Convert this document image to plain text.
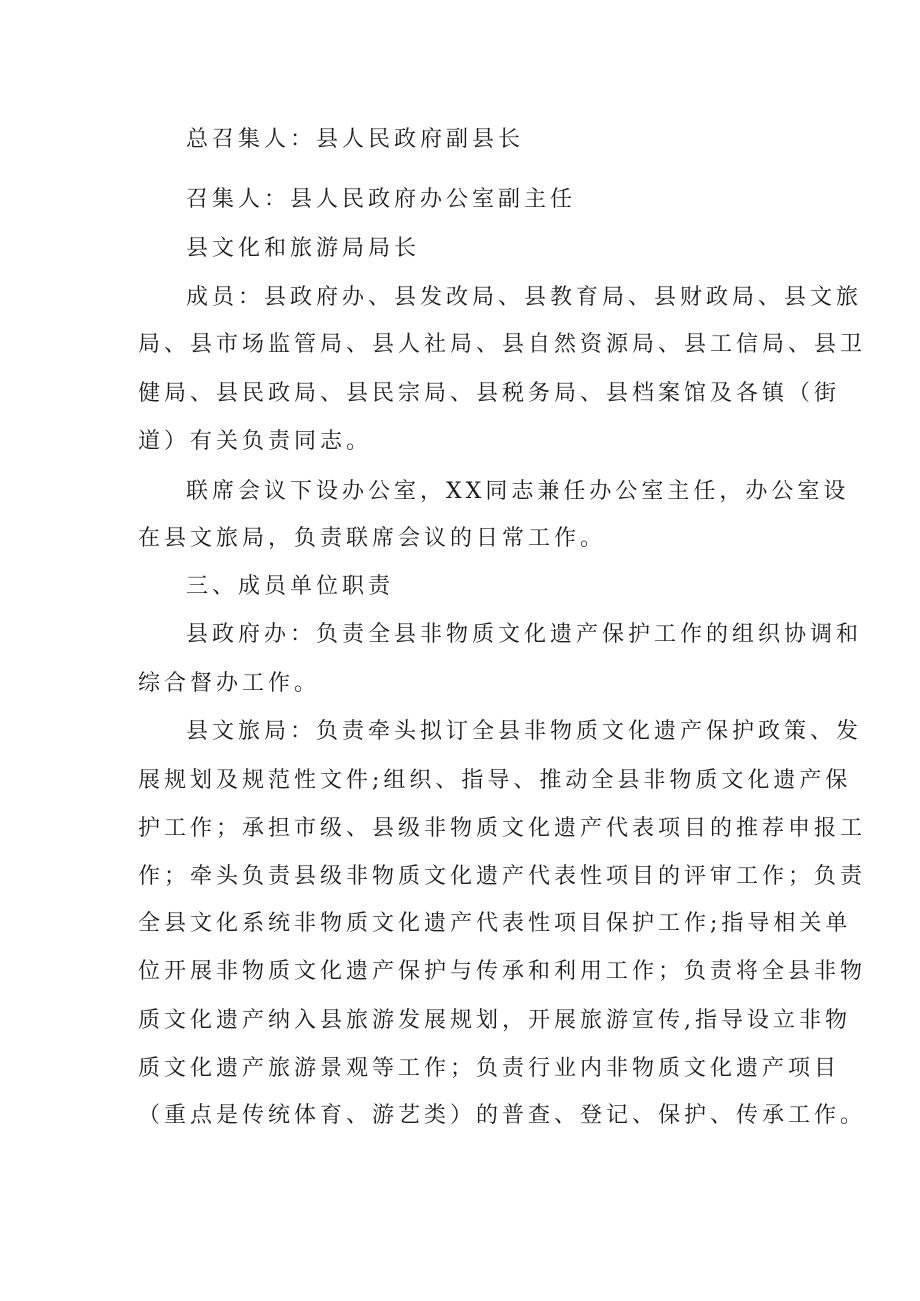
总召集人：县人民政府副县长
召集人：县人民政府办公室副主任
县文化和旅游局局长
成员：县政府办、县发改局、县教育局、县财政局、县文旅
局、县市场监管局、县人社局、县自然资源局、县工信局、县卫
健局、县民政局、县民宗局、县税务局、县档案馆及各镇（街
道）有关负责同志。
联席会议下设办公室，XX同志兼任办公室主任，办公室设
在县文旅局，负责联席会议的日常工作。
三、成员单位职责
县政府办：负责全县非物质文化遗产保护工作的组织协调和
综合督办工作。
县文旅局：负责牵头拟订全县非物质文化遗产保护政策、发
展规划及规范性文件;组织、指导、推动全县非物质文化遗产保
护工作；承担市级、县级非物质文化遗产代表项目的推荐申报工
作；牵头负责县级非物质文化遗产代表性项目的评审工作；负责
全县文化系统非物质文化遗产代表性项目保护工作;指导相关单
位开展非物质文化遗产保护与传承和利用工作；负责将全县非物
质文化遗产纳入县旅游发展规划，开展旅游宣传,指导设立非物
质文化遗产旅游景观等工作；负责行业内非物质文化遗产项目
（重点是传统体育、游艺类）的普查、登记、保护、传承工作。
